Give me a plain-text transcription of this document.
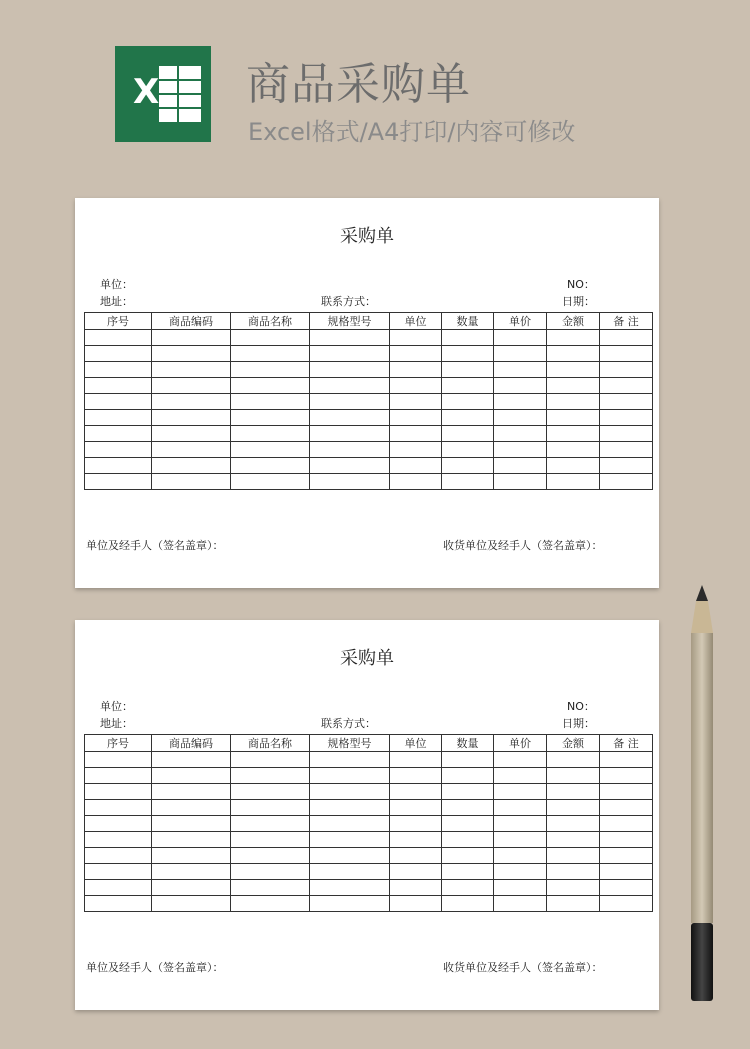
X 商品采购单
Excel格式/A4打印/内容可修改
采购单
单位：	NO：
地址：	联系方式：	日期：
序号	商品编码	商品名称	规格型号	单位	数量	单价	金额	备 注

单位及经手人（签名盖章）：	收货单位及经手人（签名盖章）：
采购单
单位：	NO：
地址：	联系方式：	日期：
序号	商品编码	商品名称	规格型号	单位	数量	单价	金额	备 注

单位及经手人（签名盖章）：	收货单位及经手人（签名盖章）：
